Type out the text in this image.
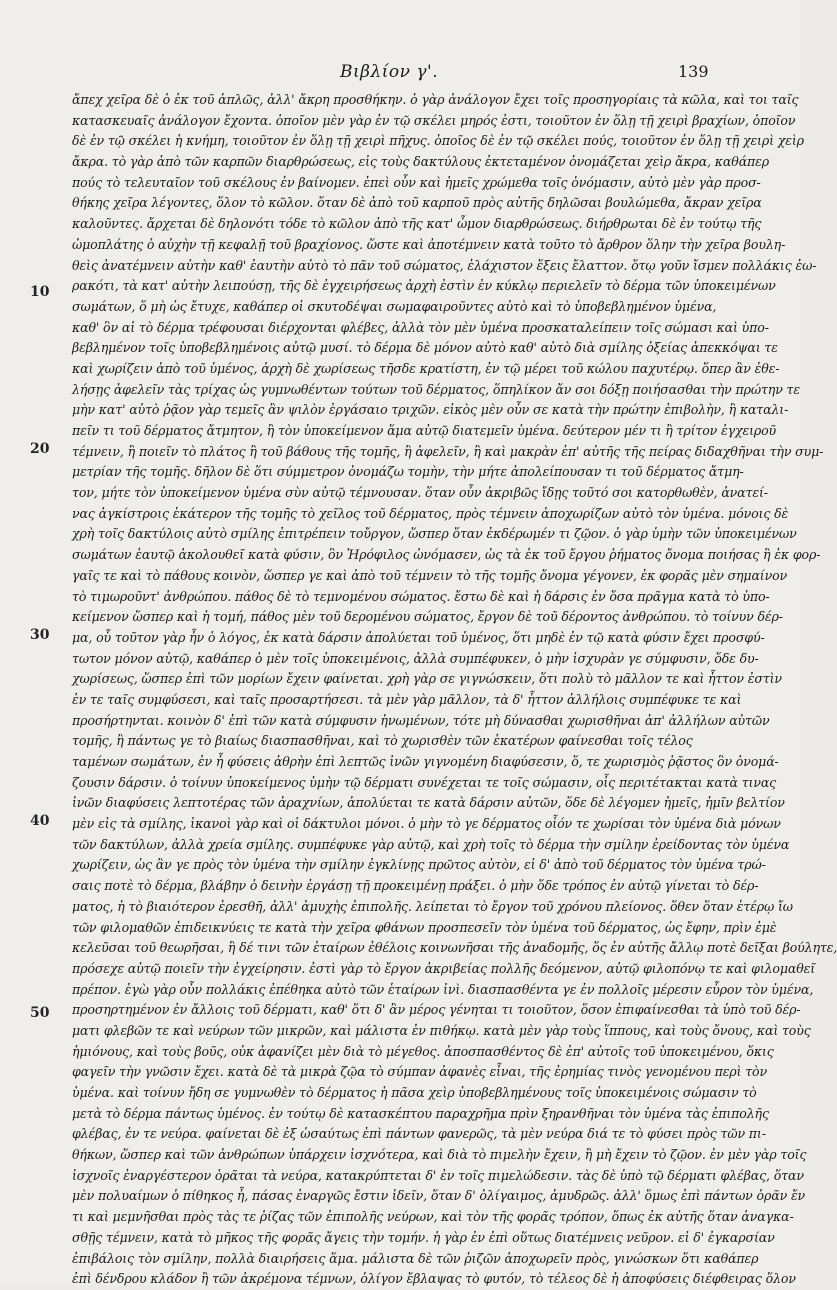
Βιβλίον γ'.	139
ἄπεχ χεῖρα δὲ ὁ ἐκ τοῦ ἁπλῶς, ἀλλ' ἄκρη προσθήκην. ὁ γὰρ ἀνάλογον ἔχει τοῖς προσηγορίαις τὰ κῶλα, καὶ τοι ταῖς
κατασκευαῖς ἀνάλογον ἔχοντα. ὁποῖον μὲν γὰρ ἐν τῷ σκέλει μηρός ἐστι, τοιοῦτον ἐν ὅλῃ τῇ χειρὶ βραχίων, ὁποῖον
δὲ ἐν τῷ σκέλει ἡ κνήμη, τοιοῦτον ἐν ὅλῃ τῇ χειρὶ πῆχυς. ὁποῖος δὲ ἐν τῷ σκέλει πούς, τοιοῦτον ἐν ὅλῃ τῇ χειρὶ χεὶρ
ἄκρα. τὸ γὰρ ἀπὸ τῶν καρπῶν διαρθρώσεως, εἰς τοὺς δακτύλους ἐκτεταμένον ὀνομάζεται χεὶρ ἄκρα, καθάπερ
πούς τὸ τελευταῖον τοῦ σκέλους ἐν βαίνομεν. ἐπεὶ οὖν καὶ ἡμεῖς χρώμεθα τοῖς ὀνόμασιν, αὐτὸ μὲν γὰρ προσ-
θήκης χεῖρα λέγοντες, ὅλον τὸ κῶλον. ὅταν δὲ ἀπὸ τοῦ καρποῦ πρὸς αὐτῆς δηλῶσαι βουλώμεθα, ἄκραν χεῖρα
καλοῦντες. ἄρχεται δὲ δηλονότι τόδε τὸ κῶλον ἀπὸ τῆς κατ' ὦμον διαρθρώσεως. διήρθρωται δὲ ἐν τούτῳ τῆς
ὠμοπλάτης ὁ αὐχὴν τῇ κεφαλῇ τοῦ βραχίονος. ὥστε καὶ ἀποτέμνειν κατὰ τοῦτο τὸ ἄρθρον ὅλην τὴν χεῖρα βουλη-
θεὶς ἀνατέμνειν αὐτὴν καθ' ἑαυτὴν αὐτὸ τὸ πᾶν τοῦ σώματος, ἐλάχιστον ἕξεις ἔλαττον. ὅτῳ γοῦν ἴσμεν πολλάκις ἐω-
ρακότι, τὰ κατ' αὐτὴν λειπούσῃ, τῆς δὲ ἐγχειρήσεως ἀρχὴ ἐστὶν ἐν κύκλῳ περιελεῖν τὸ δέρμα τῶν ὑποκειμένων
σωμάτων, ὅ μὴ ὡς ἔτυχε, καθάπερ οἱ σκυτοδέψαι σωμαφαιροῦντες αὐτὸ καὶ τὸ ὑποβεβλημένον ὑμένα,
καθ' ὃν αἱ τὸ δέρμα τρέφουσαι διέρχονται φλέβες, ἀλλὰ τὸν μὲν ὑμένα προσκαταλείπειν τοῖς σώμασι καὶ ὑπο-
βεβλημένον τοῖς ὑποβεβλημένοις αὐτῷ μυσί. τὸ δέρμα δὲ μόνον αὐτὸ καθ' αὑτὸ διὰ σμίλης ὀξείας ἀπεκκόψαι τε
καὶ χωρίζειν ἀπὸ τοῦ ὑμένος, ἀρχὴ δὲ χωρίσεως τῆσδε κρατίστη, ἐν τῷ μέρει τοῦ κώλου παχυτέρῳ. ὅπερ ἂν ἐθε-
λήσῃς ἀφελεῖν τὰς τρίχας ὡς γυμνωθέντων τούτων τοῦ δέρματος, ὅπηλίκον ἄν σοι δόξῃ ποιήσασθαι τὴν πρώτην τε
μὴν κατ' αὐτὸ ῥᾷον γὰρ τεμεῖς ἂν ψιλὸν ἐργάσαιο τριχῶν. εἰκὸς μὲν οὖν σε κατὰ τὴν πρώτην ἐπιβολὴν, ἢ καταλι-
πεῖν τι τοῦ δέρματος ἄτμητον, ἢ τὸν ὑποκείμενον ἅμα αὐτῷ διατεμεῖν ὑμένα. δεύτερον μέν τι ἢ τρίτον ἐγχειροῦ
τέμνειν, ἢ ποιεῖν τὸ πλάτος ἢ τοῦ βάθους τῆς τομῆς, ἢ ἀφελεῖν, ἢ καὶ μακρὰν ἐπ' αὐτῆς τῆς πείρας διδαχθῆναι τὴν συμ-
μετρίαν τῆς τομῆς. δῆλον δὲ ὅτι σύμμετρον ὀνομάζω τομὴν, τὴν μήτε ἀπολείπουσαν τι τοῦ δέρματος ἄτμη-
τον, μήτε τὸν ὑποκείμενον ὑμένα σὺν αὐτῷ τέμνουσαν. ὅταν οὖν ἀκριβῶς ἴδῃς τοῦτό σοι κατορθωθὲν, ἀνατεί-
νας ἀγκίστροις ἑκάτερον τῆς τομῆς τὸ χεῖλος τοῦ δέρματος, πρὸς τέμνειν ἀποχωρίζων αὐτὸ τὸν ὑμένα. μόνοις δὲ
χρὴ τοῖς δακτύλοις αὐτὸ σμίλης ἐπιτρέπειν τοὔργον, ὥσπερ ὅταν ἐκδέρωμέν τι ζῷον. ὁ γὰρ ὑμὴν τῶν ὑποκειμένων
σωμάτων ἑαυτῷ ἀκολουθεῖ κατὰ φύσιν, ὃν Ἡρόφιλος ὠνόμασεν, ὡς τὰ ἐκ τοῦ ἔργου ῥήματος ὄνομα ποιήσας ἢ ἐκ φορ-
γαῖς τε καὶ τὸ πάθους κοινὸν, ὥσπερ γε καὶ ἀπὸ τοῦ τέμνειν τὸ τῆς τομῆς ὄνομα γέγονεν, ἐκ φορᾶς μὲν σημαίνον
τὸ τιμωροῦντ' ἀνθρώπου. πάθος δὲ τὸ τεμνομένου σώματος. ἔστω δὲ καὶ ἡ δάρσις ἐν ὅσα πρᾶγμα κατὰ τὸ ὑπο-
κείμενον ὥσπερ καὶ ἡ τομή, πάθος μὲν τοῦ δερομένου σώματος, ἔργον δὲ τοῦ δέροντος ἀνθρώπου. τὸ τοίνυν δέρ-
μα, οὗ τοῦτον γὰρ ἦν ὁ λόγος, ἐκ κατὰ δάρσιν ἀπολύεται τοῦ ὑμένος, ὅτι μηδὲ ἐν τῷ κατὰ φύσιν ἔχει προσφύ-
τωτον μόνον αὐτῷ, καθάπερ ὁ μὲν τοῖς ὑποκειμένοις, ἀλλὰ συμπέφυκεν, ὁ μὴν ἰσχυρὰν γε σύμφυσιν, ὅδε δυ-
χωρίσεως, ὥσπερ ἐπὶ τῶν μορίων ἔχειν φαίνεται. χρὴ γὰρ σε γιγνώσκειν, ὅτι πολὺ τὸ μᾶλλον τε καὶ ἧττον ἐστὶν
ἐν τε ταῖς συμφύσεσι, καὶ ταῖς προσαρτήσεσι. τὰ μὲν γὰρ μᾶλλον, τὰ δ' ἧττον ἀλλήλοις συμπέφυκε τε καὶ
προσήρτηνται. κοινὸν δ' ἐπὶ τῶν κατὰ σύμφυσιν ἡνωμένων, τότε μὴ δύνασθαι χωρισθῆναι ἀπ' ἀλλήλων αὐτῶν
τομῆς, ἢ πάντως γε τὸ βιαίως διασπασθῆναι, καὶ τὸ χωρισθὲν τῶν ἑκατέρων φαίνεσθαι τοῖς τέλος
ταμένων σωμάτων, ἐν ἧ φύσεις ἀθρὴν ἐπὶ λεπτῶς ἰνῶν γιγνομένη διαφύσεσιν, ὅ, τε χωρισμὸς ῥᾷστος ὃν ὀνομά-
ζουσιν δάρσιν. ὁ τοίνυν ὑποκείμενος ὑμὴν τῷ δέρματι συνέχεται τε τοῖς σώμασιν, οἷς περιτέτακται κατὰ τινας
ἰνῶν διαφύσεις λεπτοτέρας τῶν ἀραχνίων, ἀπολύεται τε κατὰ δάρσιν αὐτῶν, ὅδε δὲ λέγομεν ἡμεῖς, ἡμῖν βελτίον
μὲν εἰς τὰ σμίλης, ἱκανοὶ γὰρ καὶ οἱ δάκτυλοι μόνοι. ὁ μὴν τὸ γε δέρματος οἷόν τε χωρίσαι τὸν ὑμένα διὰ μόνων
τῶν δακτύλων, ἀλλὰ χρεία σμίλης. συμπέφυκε γὰρ αὐτῷ, καὶ χρὴ τοῖς τὸ δέρμα τὴν σμίλην ἐρείδοντας τὸν ὑμένα
χωρίζειν, ὡς ἂν γε πρὸς τὸν ὑμένα τὴν σμίλην ἐγκλίνῃς πρῶτος αὐτὸν, εἰ δ' ἀπὸ τοῦ δέρματος τὸν ὑμένα τρώ-
σαις ποτὲ τὸ δέρμα, βλάβην ὁ δεινὴν ἐργάσῃ τῇ προκειμένῃ πράξει. ὁ μὴν ὅδε τρόπος ἐν αὐτῷ γίνεται τὸ δέρ-
ματος, ἡ τὸ βιαιότερον ἐρεσθῆ, ἀλλ' ἀμυχὴς ἐπιπολῆς. λείπεται τὸ ἔργον τοῦ χρόνου πλείονος. ὅθεν ὅταν ἑτέρῳ ἴω
τῶν φιλομαθῶν ἐπιδεικνύεις τε κατὰ τὴν χεῖρα φθάνων προσπεσεῖν τὸν ὑμένα τοῦ δέρματος, ὡς ἔφην, πρὶν ἐμὲ
κελεῦσαι τοῦ θεωρῆσαι, ἢ δέ τινι τῶν ἑταίρων ἐθέλοις κοινωνῆσαι τῆς ἀναδομῆς, ὅς ἐν αὐτῆς ἄλλῳ ποτὲ δεῖξαι βούλητε,
πρόσεχε αὐτῷ ποιεῖν τὴν ἐγχείρησιν. ἐστὶ γὰρ τὸ ἔργον ἀκριβείας πολλῆς δεόμενον, αὐτῷ φιλοπόνῳ τε καὶ φιλομαθεῖ
πρέπον. ἐγὼ γὰρ οὖν πολλάκις ἐπέθηκα αὐτὸ τῶν ἑταίρων ἰνὶ. διασπασθέντα γε ἐν πολλοῖς μέρεσιν εὗρον τὸν ὑμένα,
προσηρτημένον ἐν ἄλλοις τοῦ δέρματι, καθ' ὅτι δ' ἂν μέρος γένηται τι τοιοῦτον, ὅσον ἐπιφαίνεσθαι τὰ ὑπὸ τοῦ δέρ-
ματι φλεβῶν τε καὶ νεύρων τῶν μικρῶν, καὶ μάλιστα ἐν πιθήκῳ. κατὰ μὲν γὰρ τοὺς ἵππους, καὶ τοὺς ὄνους, καὶ τοὺς
ἡμιόνους, καὶ τοὺς βοῦς, οὐκ ἀφανίζει μὲν διὰ τὸ μέγεθος. ἀποσπασθέντος δὲ ἐπ' αὐτοῖς τοῦ ὑποκειμένου, ὅκις
φαγεῖν τὴν γνῶσιν ἔχει. κατὰ δὲ τὰ μικρὰ ζῷα τὸ σύμπαν ἀφανὲς εἶναι, τῆς ἐρημίας τινὸς γενομένου περὶ τὸν
ὑμένα. καὶ τοίνυν ἤδη σε γυμνωθὲν τὸ δέρματος ἡ πᾶσα χεὶρ ὑποβεβλημένους τοῖς ὑποκειμένοις σώμασιν τὸ
μετὰ τὸ δέρμα πάντως ὑμένος. ἐν τούτῳ δὲ κατασκέπτου παραχρῆμα πρὶν ξηρανθῆναι τὸν ὑμένα τὰς ἐπιπολῆς
φλέβας, ἐν τε νεύρα. φαίνεται δὲ ἐξ ὡσαύτως ἐπὶ πάντων φανερῶς, τὰ μὲν νεύρα διά τε τὸ φύσει πρὸς τῶν πι-
θήκων, ὥσπερ καὶ τῶν ἀνθρώπων ὑπάρχειν ἰσχνότερα, καὶ διὰ τὸ πιμελὴν ἔχειν, ἢ μὴ ἔχειν τὸ ζῷον. ἐν μὲν γὰρ τοῖς
ἰσχνοῖς ἐναργέστερον ὁρᾶται τὰ νεύρα, κατακρύπτεται δ' ἐν τοῖς πιμελώδεσιν. τὰς δὲ ὑπὸ τῷ δέρματι φλέβας, ὅταν
μὲν πολυαίμων ὁ πίθηκος ἦ, πάσας ἐναργῶς ἔστιν ἰδεῖν, ὅταν δ' ὀλίγαιμος, ἀμυδρῶς. ἀλλ' ὅμως ἐπὶ πάντων ὁρᾶν ἔν
τι καὶ μεμνῆσθαι πρὸς τὰς τε ῥίζας τῶν ἐπιπολῆς νεύρων, καὶ τὸν τῆς φορᾶς τρόπον, ὅπως ἐκ αὐτῆς ὅταν ἀναγκα-
σθῇς τέμνειν, κατὰ τὸ μῆκος τῆς φορᾶς ἄγεις τὴν τομήν. ἡ γὰρ ἐν ἐπὶ οὕτως διατέμνεις νεῦρον. εἰ δ' ἐγκαρσίαν
ἐπιβάλοις τὸν σμίλην, πολλὰ διαιρήσεις ἅμα. μάλιστα δὲ τῶν ῥιζῶν ἀποχωρεῖν πρὸς, γινώσκων ὅτι καθάπερ
ἐπὶ δένδρου κλάδον ἢ τῶν ἀκρέμονα τέμνων, ὀλίγον ἔβλαψας τὸ φυτόν, τὸ τέλεος δὲ ἡ ἀποφύσεις διέφθειρας ὅλον
10
20
30
40
50
